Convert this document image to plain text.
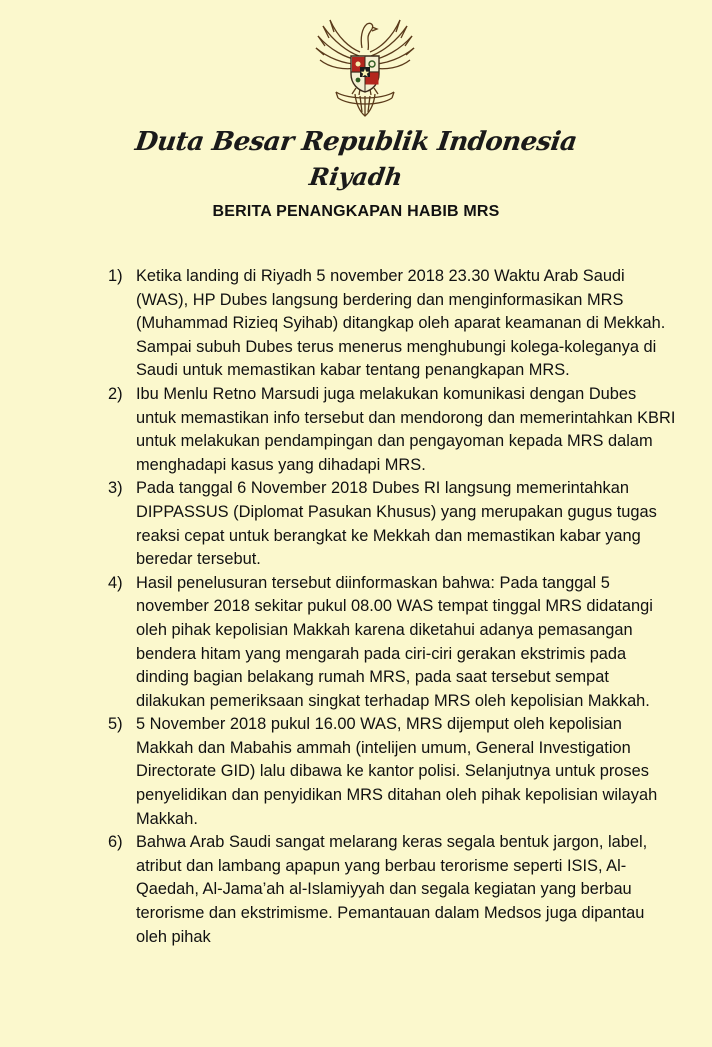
Duta Besar Republik Indonesia
Riyadh
BERITA PENANGKAPAN HABIB MRS
1) Ketika landing di Riyadh 5 november 2018 23.30 Waktu Arab Saudi (WAS), HP Dubes langsung berdering dan menginformasikan MRS (Muhammad Rizieq Syihab) ditangkap oleh aparat keamanan di Mekkah. Sampai subuh Dubes terus menerus menghubungi kolega-koleganya di Saudi untuk memastikan kabar tentang penangkapan MRS.
2) Ibu Menlu Retno Marsudi juga melakukan komunikasi dengan Dubes untuk memastikan info tersebut dan mendorong dan memerintahkan KBRI untuk melakukan pendampingan dan pengayoman kepada MRS dalam menghadapi kasus yang dihadapi MRS.
3) Pada tanggal 6 November 2018 Dubes RI langsung memerintahkan DIPPASSUS (Diplomat Pasukan Khusus) yang merupakan gugus tugas reaksi cepat untuk berangkat ke Mekkah dan memastikan kabar yang beredar tersebut.
4) Hasil penelusuran tersebut diinformaskan bahwa: Pada tanggal 5 november 2018 sekitar pukul 08.00 WAS tempat tinggal MRS didatangi oleh pihak kepolisian Makkah karena diketahui adanya pemasangan bendera hitam yang mengarah pada ciri-ciri gerakan ekstrimis pada dinding bagian belakang rumah MRS, pada saat tersebut sempat dilakukan pemeriksaan singkat terhadap MRS oleh kepolisian Makkah.
5) 5 November 2018 pukul 16.00 WAS, MRS dijemput oleh kepolisian Makkah dan Mabahis ammah (intelijen umum, General Investigation Directorate GID) lalu dibawa ke kantor polisi. Selanjutnya untuk proses penyelidikan dan penyidikan MRS ditahan oleh pihak kepolisian wilayah Makkah.
6) Bahwa Arab Saudi sangat melarang keras segala bentuk jargon, label, atribut dan lambang apapun yang berbau terorisme seperti ISIS, Al-Qaedah, Al-Jama’ah al-Islamiyyah dan segala kegiatan yang berbau terorisme dan ekstrimisme. Pemantauan dalam Medsos juga dipantau oleh pihak
